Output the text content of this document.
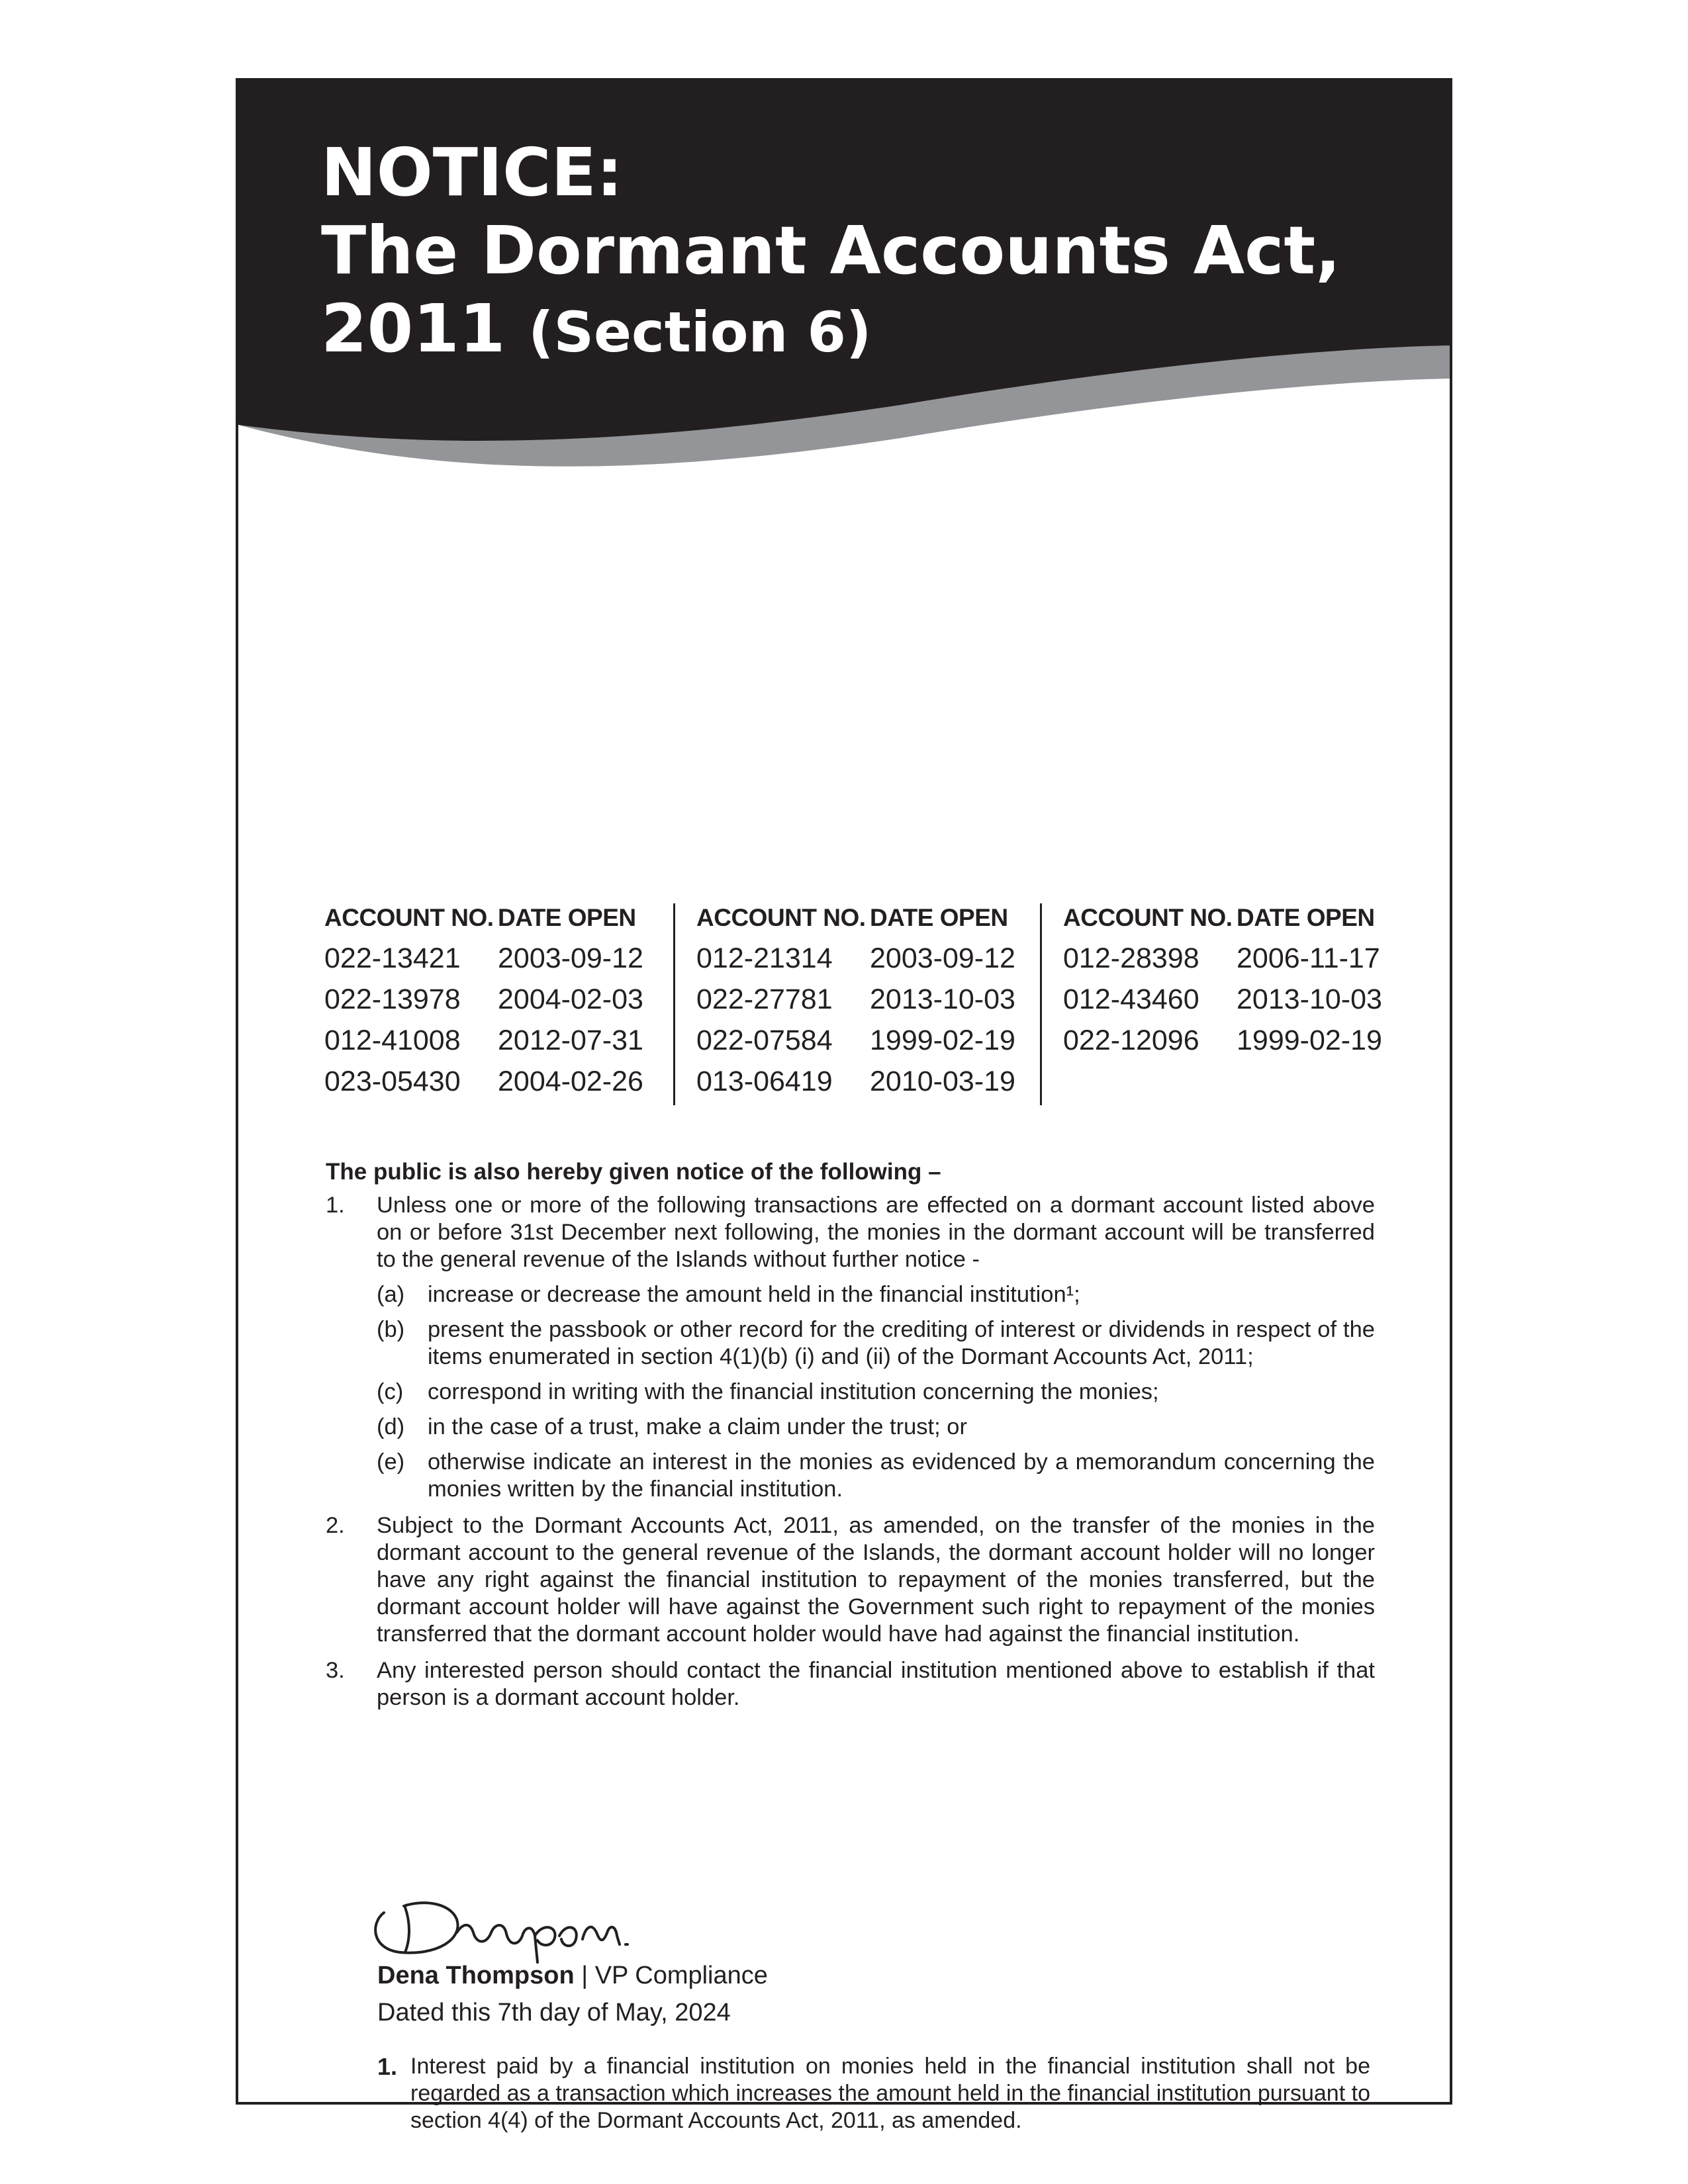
NOTICE:
The Dormant Accounts Act,
2011 (Section 6)
ACCOUNT NO. DATE OPEN
022-13421	2003-09-12
022-13978	2004-02-03
012-41008	2012-07-31
023-05430	2004-02-26
ACCOUNT NO. DATE OPEN
012-21314	2003-09-12
022-27781	2013-10-03
022-07584	1999-02-19
013-06419	2010-03-19
ACCOUNT NO. DATE OPEN
012-28398	2006-11-17
012-43460	2013-10-03
022-12096	1999-02-19

The public is also hereby given notice of the following –

1.	Unless one or more of the following transactions are effected on a dormant account listed above on or before 31st December next following, the monies in the dormant account will be transferred to the general revenue of the Islands without further notice -
(a)	increase or decrease the amount held in the financial institution¹;
(b)	present the passbook or other record for the crediting of interest or dividends in respect of the items enumerated in section 4(1)(b) (i) and (ii) of the Dormant Accounts Act, 2011;
(c)	correspond in writing with the financial institution concerning the monies;
(d)	in the case of a trust, make a claim under the trust; or
(e)	otherwise indicate an interest in the monies as evidenced by a memorandum concerning the monies written by the financial institution.
2.	Subject to the Dormant Accounts Act, 2011, as amended, on the transfer of the monies in the dormant account to the general revenue of the Islands, the dormant account holder will no longer have any right against the financial institution to repayment of the monies transferred, but the dormant account holder will have against the Government such right to repayment of the monies transferred that the dormant account holder would have had against the financial institution.
3.	Any interested person should contact the financial institution mentioned above to establish if that person is a dormant account holder.
Dena Thompson | VP Compliance
Dated this 7th day of May, 2024
1. Interest paid by a financial institution on monies held in the financial institution shall not be regarded as a transaction which increases the amount held in the financial institution pursuant to section 4(4) of the Dormant Accounts Act, 2011, as amended.
